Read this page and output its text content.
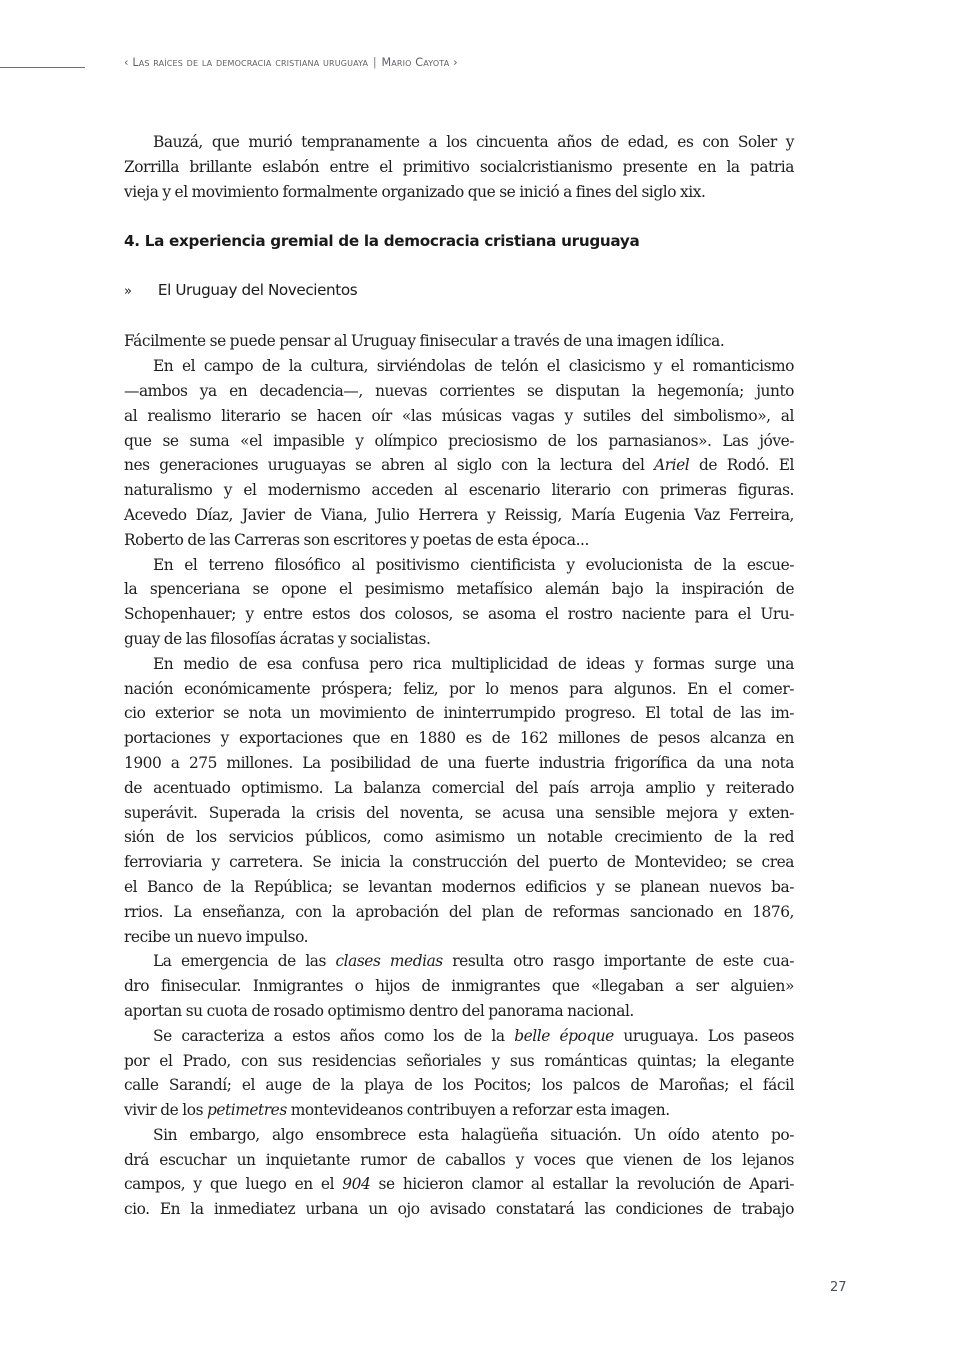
‹ Las raíces de la democracia cristiana uruguaya | Mario Cayota ›
Bauzá, que murió tempranamente a los cincuenta años de edad, es con Soler y
Zorrilla brillante eslabón entre el primitivo socialcristianismo presente en la patria
vieja y el movimiento formalmente organizado que se inició a fines del siglo xix.
4. La experiencia gremial de la democracia cristiana uruguaya
» El Uruguay del Novecientos
Fácilmente se puede pensar al Uruguay finisecular a través de una imagen idílica.
En el campo de la cultura, sirviéndolas de telón el clasicismo y el romanticismo
—ambos ya en decadencia—, nuevas corrientes se disputan la hegemonía; junto
al realismo literario se hacen oír «las músicas vagas y sutiles del simbolismo», al
que se suma «el impasible y olímpico preciosismo de los parnasianos». Las jóve-
nes generaciones uruguayas se abren al siglo con la lectura del Ariel de Rodó. El
naturalismo y el modernismo acceden al escenario literario con primeras figuras.
Acevedo Díaz, Javier de Viana, Julio Herrera y Reissig, María Eugenia Vaz Ferreira,
Roberto de las Carreras son escritores y poetas de esta época...
En el terreno filosófico al positivismo cientificista y evolucionista de la escue-
la spenceriana se opone el pesimismo metafísico alemán bajo la inspiración de
Schopenhauer; y entre estos dos colosos, se asoma el rostro naciente para el Uru-
guay de las filosofías ácratas y socialistas.
En medio de esa confusa pero rica multiplicidad de ideas y formas surge una
nación económicamente próspera; feliz, por lo menos para algunos. En el comer-
cio exterior se nota un movimiento de ininterrumpido progreso. El total de las im-
portaciones y exportaciones que en 1880 es de 162 millones de pesos alcanza en
1900 a 275 millones. La posibilidad de una fuerte industria frigorífica da una nota
de acentuado optimismo. La balanza comercial del país arroja amplio y reiterado
superávit. Superada la crisis del noventa, se acusa una sensible mejora y exten-
sión de los servicios públicos, como asimismo un notable crecimiento de la red
ferroviaria y carretera. Se inicia la construcción del puerto de Montevideo; se crea
el Banco de la República; se levantan modernos edificios y se planean nuevos ba-
rrios. La enseñanza, con la aprobación del plan de reformas sancionado en 1876,
recibe un nuevo impulso.
La emergencia de las clases medias resulta otro rasgo importante de este cua-
dro finisecular. Inmigrantes o hijos de inmigrantes que «llegaban a ser alguien»
aportan su cuota de rosado optimismo dentro del panorama nacional.
Se caracteriza a estos años como los de la belle époque uruguaya. Los paseos
por el Prado, con sus residencias señoriales y sus románticas quintas; la elegante
calle Sarandí; el auge de la playa de los Pocitos; los palcos de Maroñas; el fácil
vivir de los petimetres montevideanos contribuyen a reforzar esta imagen.
Sin embargo, algo ensombrece esta halagüeña situación. Un oído atento po-
drá escuchar un inquietante rumor de caballos y voces que vienen de los lejanos
campos, y que luego en el 904 se hicieron clamor al estallar la revolución de Apari-
cio. En la inmediatez urbana un ojo avisado constatará las condiciones de trabajo
27
